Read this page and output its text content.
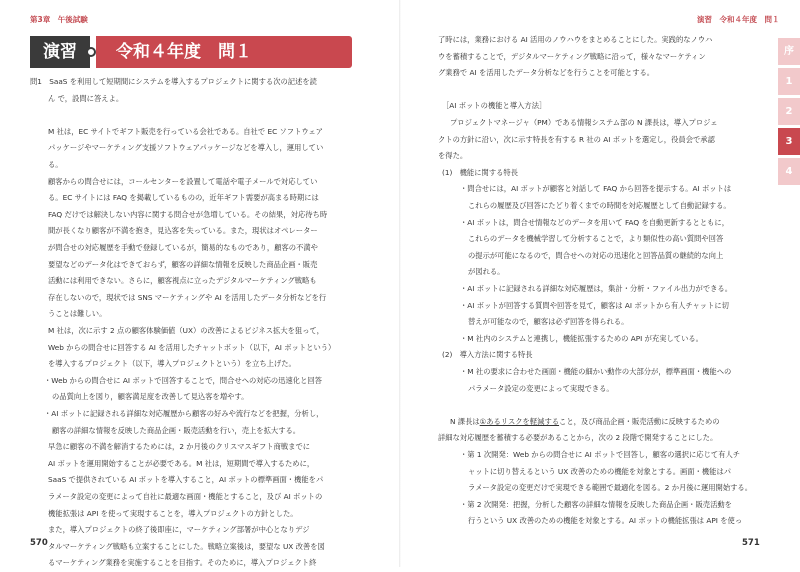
第3章　午後試験	演習　令和４年度　問１
演習	令和４年度　問１
問1　SaaS を利用して短期間にシステムを導入するプロジェクトに関する次の記述を読
ん で，設問に答えよ。
M 社は，EC サイトでギフト販売を行っている会社である。自社で EC ソフトウェア
パッケージやマーケティング支援ソフトウェアパッケージなどを導入し，運用してい
る。
顧客からの問合せには，コールセンターを設置して電話や電子メールで対応してい
る。EC サイトには FAQ を掲載しているものの，近年ギフト需要が高まる時期には
FAQ だけでは解決しない内容に関する問合せが急増している。その結果，対応待ち時
間が長くなり顧客が不満を抱き，見込客を失っている。また，現状はオペレーター
が問合せの対応履歴を手動で登録しているが，簡易的なものであり，顧客の不満や
要望などのデータ化はできておらず，顧客の詳細な情報を反映した商品企画・販売
活動には利用できない。さらに，顧客視点に立ったデジタルマーケティング戦略も
存在しないので，現状では SNS マーケティングや AI を活用したデータ分析などを行
うことは難しい。
M 社は，次に示す 2 点の顧客体験価値（UX）の改善によるビジネス拡大を狙って，
Web からの問合せに回答する AI を活用したチャットボット（以下，AI ボットという）
を導入するプロジェクト（以下，導入プロジェクトという）を立ち上げた。
・Web からの問合せに AI ボットで回答することで，問合せへの対応の迅速化と回答
の品質向上を図り，顧客満足度を改善して見込客を増やす。
・AI ボットに記録される詳細な対応履歴から顧客の好みや流行などを把握，分析し，
顧客の詳細な情報を反映した商品企画・販売活動を行い，売上を拡大する。
早急に顧客の不満を解消するためには，2 か月後のクリスマスギフト商戦までに
AI ボットを運用開始することが必要である。M 社は，短期間で導入するために，
SaaS で提供されている AI ボットを導入すること，AI ボットの標準画面・機能をパ
ラメータ設定の変更によって自社に最適な画面・機能とすること，及び AI ボットの
機能拡張は API を使って実現することを，導入プロジェクトの方針とした。
また，導入プロジェクトの終了後即座に，マーケティング部署が中心となりデジ
タルマーケティング戦略も立案することにした。戦略立案後は，要望な UX 改善を図
るマーケティング業務を実施することを目指す。そのために，導入プロジェクト終
了時には，業務における AI 活用のノウハウをまとめることにした。実践的なノウハ
ウを蓄積することで，デジタルマーケティング戦略に沿って，様々なマーケティン
グ業務で AI を活用したデータ分析などを行うことを可能とする。
［AI ボットの機能と導入方法］
プロジェクトマネージャ（PM）である情報システム部の N 課長は，導入プロジェ
クトの方針に沿い，次に示す特長を有する R 社の AI ボットを選定し，役員会で承認
を得た。
(1)　機能に関する特長
・問合せには，AI ボットが顧客と対話して FAQ から回答を提示する。AI ボットは
これらの履歴及び回答にたどり着くまでの時間を対応履歴として自動記録する。
・AI ボットは，問合せ情報などのデータを用いて FAQ を自動更新するとともに，
これらのデータを機械学習して分析することで，より類似性の高い質問や回答
の提示が可能になるので，問合せへの対応の迅速化と回答品質の継続的な向上
が図れる。
・AI ボットに記録される詳細な対応履歴は，集計・分析・ファイル出力ができる。
・AI ボットが回答する質問や回答を見て，顧客は AI ボットから有人チャットに切
替えが可能なので，顧客は必ず回答を得られる。
・M 社内のシステムと連携し，機能拡張するための API が充実している。
(2)　導入方法に関する特長
・M 社の要求に合わせた画面・機能の細かい動作の大部分が，標準画面・機能への
パラメータ設定の変更によって実現できる。
N 課長は①あるリスクを軽減すること，及び商品企画・販売活動に反映するための
詳細な対応履歴を蓄積する必要があることから，次の 2 段階で開発することにした。
・第 1 次開発：Web からの問合せに AI ボットで回答し，顧客の選択に応じて有人チ
ャットに切り替えるという UX 改善のための機能を対象とする。画面・機能はパ
ラメータ設定の変更だけで実現できる範囲で最適化を図る。2 か月後に運用開始する。
・第 2 次開発：把握，分析した顧客の詳細な情報を反映した商品企画・販売活動を
行うという UX 改善のための機能を対象とする。AI ボットの機能拡張は API を使っ
570	571
序
1
2
3
4
